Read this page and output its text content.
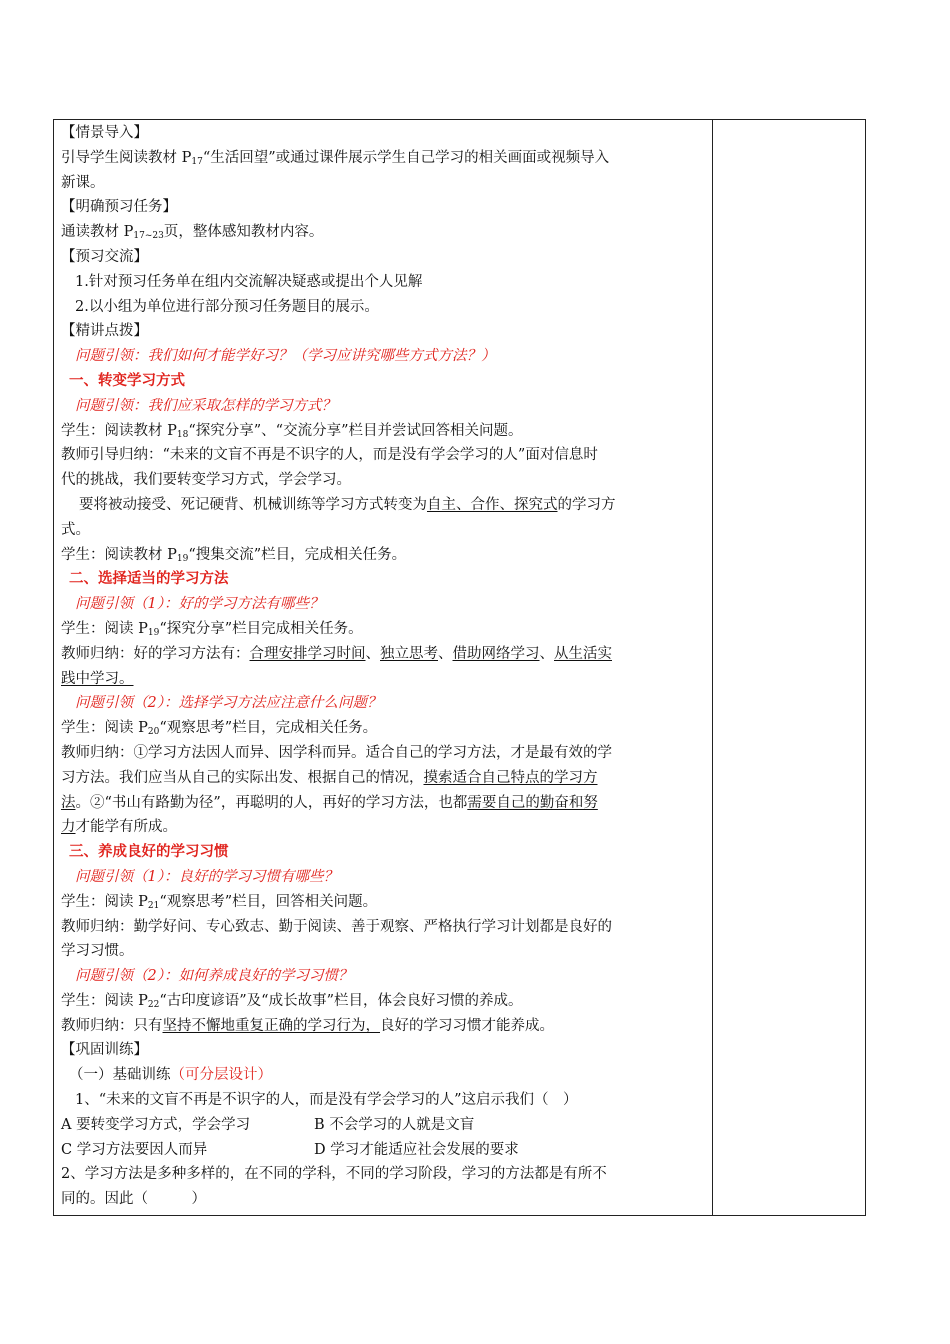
【情景导入】
引导学生阅读教材 $P_{17}“$生活回望”或通过课件展示学生自己学习的相关画面或视频导入
新课。
【明确预习任务】
通读教材 $P_{17\sim 23}$页，整体感知教材内容。
【预习交流】
1.针对预习任务单在组内交流解决疑惑或提出个人见解
2.以小组为单位进行部分预习任务题目的展示。
【精讲点拨】
问题引领：我们如何才能学好习？（学习应讲究哪些方式方法？）
一、转变学习方式
问题引领：我们应采取怎样的学习方式？
学生：阅读教材 $P_{18}“$探究分享”、“交流分享”栏目并尝试回答相关问题。
教师引导归纳：“未来的文盲不再是不识字的人，而是没有学会学习的人”面对信息时
代的挑战，我们要转变学习方式，学会学习。
要将被动接受、死记硬背、机械训练等学习方式转变为自主、合作、探究式的学习方
式。
学生：阅读教材 $P_{19}“$搜集交流”栏目，完成相关任务。
二、选择适当的学习方法
问题引领（1）：好的学习方法有哪些？
学生：阅读 $P_{19}“$探究分享”栏目完成相关任务。
教师归纳：好的学习方法有：合理安排学习时间、独立思考、借助网络学习、从生活实
践中学习。
问题引领（2）：选择学习方法应注意什么问题？
学生：阅读 $P_{20}“$观察思考”栏目，完成相关任务。
教师归纳：①学习方法因人而异、因学科而异。适合自己的学习方法，才是最有效的学
习方法。我们应当从自己的实际出发、根据自己的情况，摸索适合自己特点的学习方
法。②“书山有路勤为径”，再聪明的人，再好的学习方法，也都需要自己的勤奋和努
力才能学有所成。
三、养成良好的学习习惯
问题引领（1）：良好的学习习惯有哪些？
学生：阅读 $P_{21}“$观察思考”栏目，回答相关问题。
教师归纳：勤学好问、专心致志、勤于阅读、善于观察、严格执行学习计划都是良好的
学习习惯。
问题引领（2）：如何养成良好的学习习惯？
学生：阅读 $P_{22}“$古印度谚语”及“成长故事”栏目，体会良好习惯的养成。
教师归纳：只有坚持不懈地重复正确的学习行为，良好的学习习惯才能养成。
【巩固训练】
（一）基础训练（可分层设计）
1、“未来的文盲不再是不识字的人，而是没有学会学习的人”这启示我们（　）
A 要转变学习方式，学会学习	B 不会学习的人就是文盲
C 学习方法要因人而异	D 学习才能适应社会发展的要求
2、学习方法是多种多样的，在不同的学科，不同的学习阶段，学习的方法都是有所不
同的。因此（　　　）
